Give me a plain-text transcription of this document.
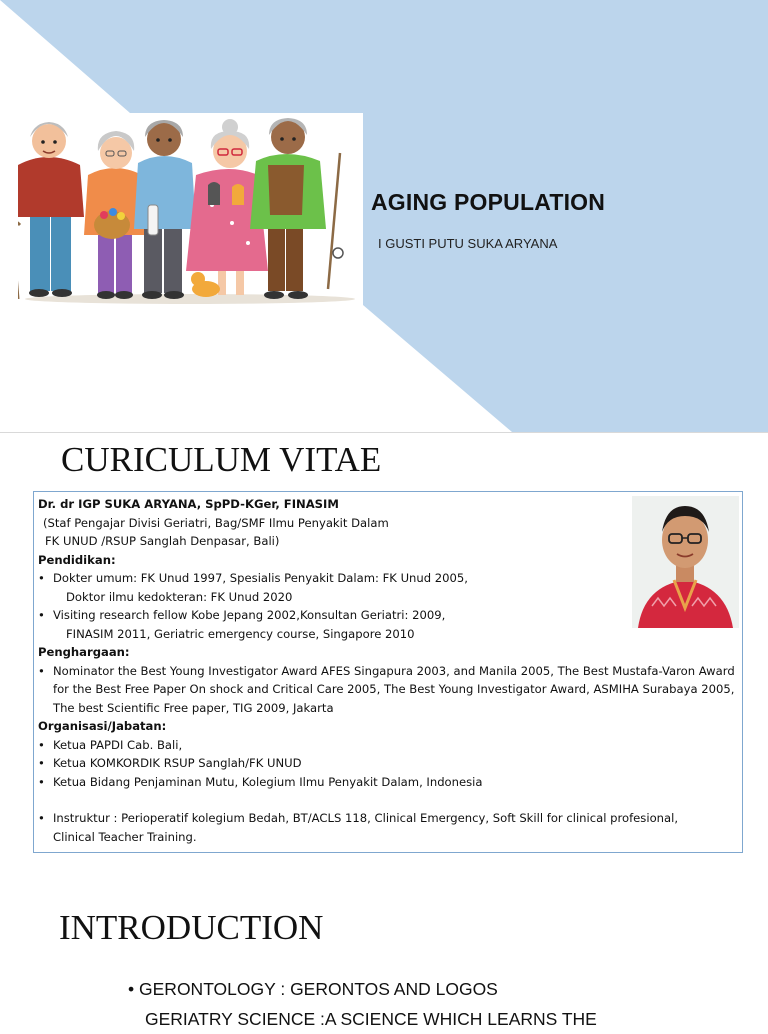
AGING POPULATION
I GUSTI PUTU SUKA ARYANA
CURICULUM VITAE
Dr. dr IGP SUKA ARYANA, SpPD-KGer, FINASIM
(Staf Pengajar Divisi Geriatri, Bag/SMF Ilmu Penyakit Dalam
FK UNUD /RSUP Sanglah Denpasar, Bali)
Pendidikan:
• Dokter umum: FK Unud 1997, Spesialis Penyakit Dalam: FK Unud 2005,
Doktor ilmu kedokteran: FK Unud 2020
• Visiting research fellow Kobe Jepang 2002,Konsultan Geriatri: 2009,
FINASIM 2011, Geriatric emergency course, Singapore 2010
Penghargaan:
• Nominator the Best Young Investigator Award AFES Singapura 2003, and Manila 2005, The Best Mustafa-Varon Award for the Best Free Paper On shock and Critical Care 2005, The Best Young Investigator Award, ASMIHA Surabaya 2005, The best Scientific Free paper, TIG 2009, Jakarta
Organisasi/Jabatan:
• Ketua PAPDI Cab. Bali,
• Ketua KOMKORDIK RSUP Sanglah/FK UNUD
• Ketua Bidang Penjaminan Mutu, Kolegium Ilmu Penyakit Dalam, Indonesia
• Instruktur : Perioperatif kolegium Bedah, BT/ACLS 118, Clinical Emergency, Soft Skill for clinical profesional, Clinical Teacher Training.
INTRODUCTION
• GERONTOLOGY : GERONTOS AND LOGOS
GERIATRY SCIENCE :A SCIENCE WHICH LEARNS THE
